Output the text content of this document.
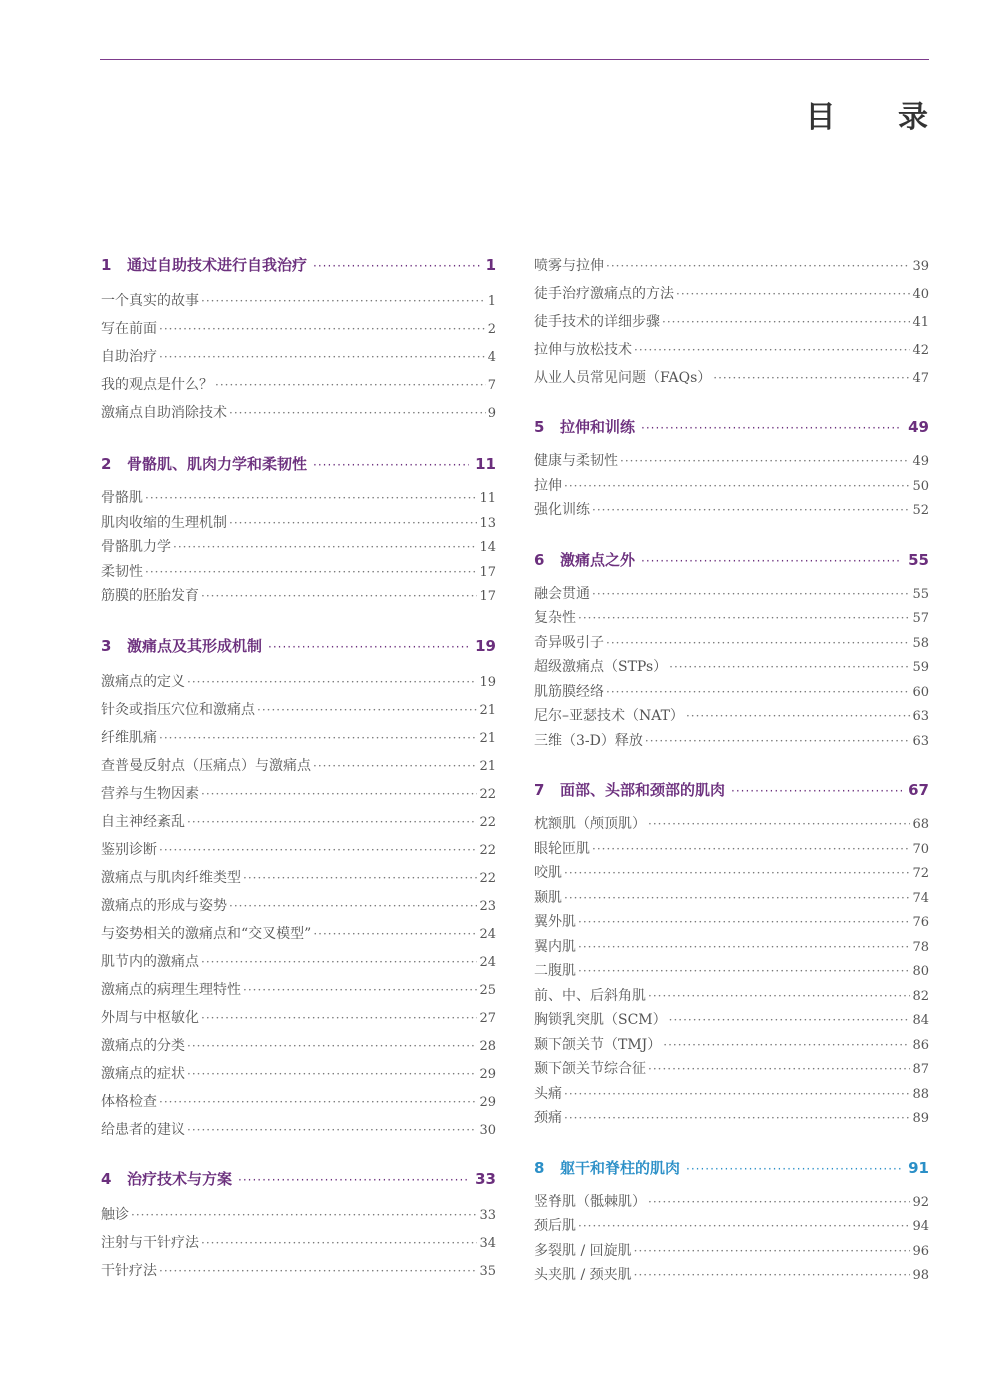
目 录
1	通过自助技术进行自我治疗 ·····	1
一个真实的故事 ·····	1
写在前面 ·····	2
自助治疗 ·····	4
我的观点是什么？ ·····	7
激痛点自助消除技术 ·····	9
2	骨骼肌、肌肉力学和柔韧性 ·····	11
骨骼肌 ·····	11
肌肉收缩的生理机制 ·····	13
骨骼肌力学 ·····	14
柔韧性 ·····	17
筋膜的胚胎发育 ·····	17
3	激痛点及其形成机制 ·····	19
激痛点的定义 ·····	19
针灸或指压穴位和激痛点 ·····	21
纤维肌痛 ·····	21
查普曼反射点（压痛点）与激痛点 ·····	21
营养与生物因素 ·····	22
自主神经紊乱 ·····	22
鉴别诊断 ·····	22
激痛点与肌肉纤维类型 ·····	22
激痛点的形成与姿势 ·····	23
与姿势相关的激痛点和“交叉模型” ·····	24
肌节内的激痛点 ·····	24
激痛点的病理生理特性 ·····	25
外周与中枢敏化 ·····	27
激痛点的分类 ·····	28
激痛点的症状 ·····	29
体格检查 ·····	29
给患者的建议 ·····	30
4	治疗技术与方案 ·····	33
触诊 ·····	33
注射与干针疗法 ·····	34
干针疗法 ·····	35
喷雾与拉伸 ·····	39
徒手治疗激痛点的方法 ·····	40
徒手技术的详细步骤 ·····	41
拉伸与放松技术 ·····	42
从业人员常见问题（FAQs） ·····	47
5	拉伸和训练 ·····	49
健康与柔韧性 ·····	49
拉伸 ·····	50
强化训练 ·····	52
6	激痛点之外 ·····	55
融会贯通 ·····	55
复杂性 ·····	57
奇异吸引子 ·····	58
超级激痛点（STPs） ·····	59
肌筋膜经络 ·····	60
尼尔–亚瑟技术（NAT） ·····	63
三维（3-D）释放 ·····	63
7	面部、头部和颈部的肌肉 ·····	67
枕额肌（颅顶肌） ·····	68
眼轮匝肌 ·····	70
咬肌 ·····	72
颞肌 ·····	74
翼外肌 ·····	76
翼内肌 ·····	78
二腹肌 ·····	80
前、中、后斜角肌 ·····	82
胸锁乳突肌（SCM） ·····	84
颞下颌关节（TMJ） ·····	86
颞下颌关节综合征 ·····	87
头痛 ·····	88
颈痛 ·····	89
8	躯干和脊柱的肌肉 ·····	91
竖脊肌（骶棘肌） ·····	92
颈后肌 ·····	94
多裂肌 / 回旋肌 ·····	96
头夹肌 / 颈夹肌 ·····	98
